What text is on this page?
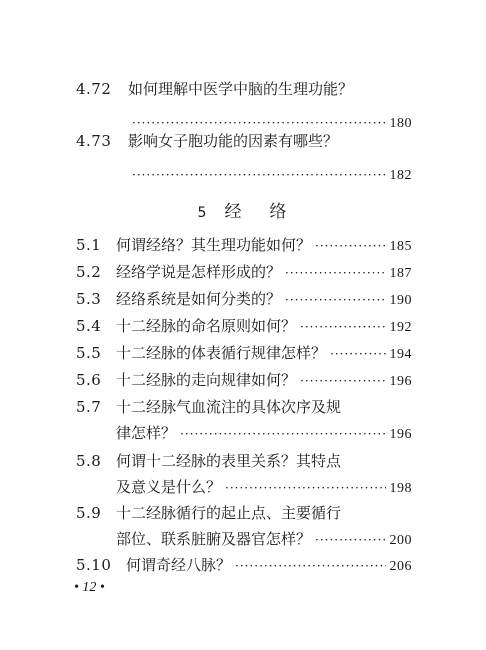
4.72	如何理解中医学中脑的生理功能？
·····
180
4.73	影响女子胞功能的因素有哪些？
·····
182
5 经 络
5.1 何谓经络？其生理功能如何？ ·····	185
5.2 经络学说是怎样形成的？ ·····	187
5.3 经络系统是如何分类的？ ·····	190
5.4 十二经脉的命名原则如何？ ·····	192
5.5 十二经脉的体表循行规律怎样？ ·····	194
5.6 十二经脉的走向规律如何？ ·····	196
5.7 十二经脉气血流注的具体次序及规
律怎样？ ·····	196
5.8 何谓十二经脉的表里关系？其特点
及意义是什么？ ·····	198
5.9 十二经脉循行的起止点、主要循行
部位、联系脏腑及器官怎样？ ·····	200
5.10 何谓奇经八脉？ ·····	206
• 12 •
